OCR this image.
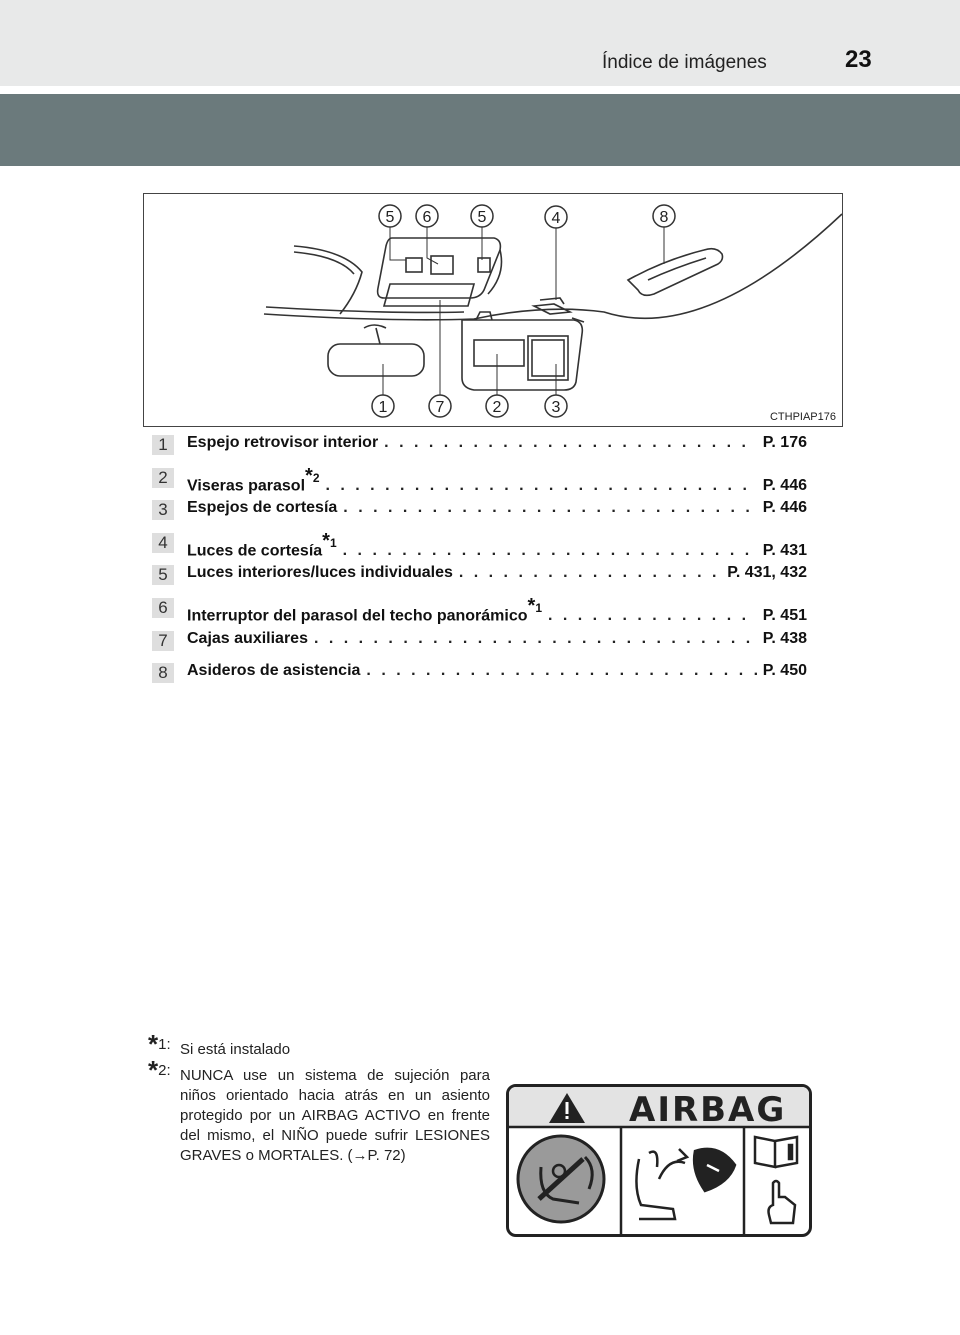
Índice de imágenes	23
5 6	5	4	8
1	7	2	3
CTHPIAP176
1	Espejo retrovisor interior . . .	P. 176
2	Viseras parasol$^{*2}$ . . .	P. 446
3	Espejos de cortesía . . .	P. 446
4	Luces de cortesía$^{*1}$ . . .	P. 431
5	Luces interiores/luces individuales . . .	P. 431, 432
6	Interruptor del parasol del techo panorámico$^{*1}$ . . .	P. 451
7	Cajas auxiliares . . .	P. 438
8	Asideros de asistencia . . .	P. 450
*1: Si está instalado
*2: NUNCA use un sistema de sujeción para niños orientado hacia atrás en un asiento protegido por un AIRBAG ACTIVO en frente del mismo, el NIÑO puede sufrir LESIONES GRAVES o MORTALES. (→P. 72)
AIRBAG
